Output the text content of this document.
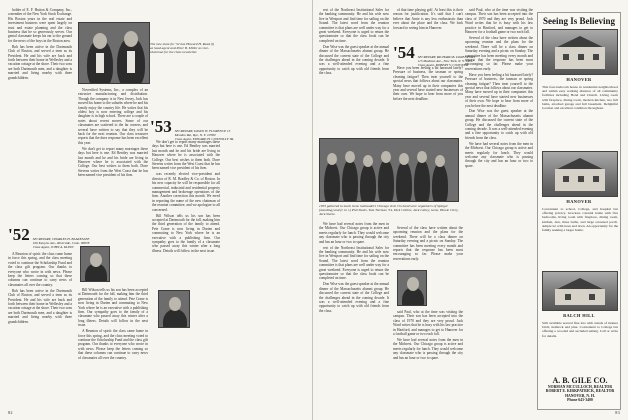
holder of E. F. Hutton & Company, Inc., a member of the New York Stock Exchange. His Boston years in the real estate and investment business were spent largely on trust and estate planning and the class business that he so generously serves. Our genial classmate keeps his ear to the ground for the news of the boys in the Boston area.

Bob has been active in the Dartmouth Club of Boston, and served a term as its President. He and his wife are back and forth between their home in Wellesley and a vacation cottage at the shore. Their two sons are both Dartmouth men, and a daughter is married and living nearby with three grandchildren.

'52 SECRETARY, CHARLES H. BLAKESLEE 106 Kenyon Ave., Riverside, Conn. 06878
Class Agent, JOHN A. KLEIN

A Reunion of spirit: the class came home in force this spring, and the class meeting voted to continue the Scholarship Fund and the class gift program. Our thanks to everyone who wrote in with news. Please keep the letters coming so that these columns can continue to carry news of classmates all over the country.

Bob has been active in the Dartmouth Club of Boston, and served a term as its President. He and his wife are back and forth between their home in Wellesley and a vacation cottage at the shore. Their two sons are both Dartmouth men, and a daughter is married and living nearby with three grandchildren.

The new team for '52 has Howard H. Read (l) as head agent and Peter B. Miller as vice-chairman for the class newsletter.

Noverified Systems, Inc., a complex of an extrusive manufacturing and distribution. Though the company is in New Jersey, Jack has moved his home to the suburbs where he and his family enjoy the country life. He writes that his oldest boy is now entering college and his daughter is in high school. There are a couple of notes about recent moves. Some of our classmates are scattered to the far corners, and several have written to say that they will be back for the next reunion. Our class treasurer reports that the dues response has been excellent this year.

We don't get to report many marriages these days but here is one. Ed Bentley was married last month and he and his bride are living in Hanover where he is associated with the College. Our best wishes to them both. Dave Stevens writes from the West Coast that he has been named vice president of his firm.

'53 SECRETARY, DAVID W. FLORENCE 15 Mendon Rd., Rye, N. Y. 10580
Class Agent, EDWARD H. CONNOLLY JR.

We don't get to report many marriages these days but here is one. Ed Bentley was married last month and he and his bride are living in Hanover where he is associated with the College. Our best wishes to them both. Dave Stevens writes from the West Coast that he has been named vice president of his firm.

was recently elected vice-president and director of R. M. Bradley & Co. of Boston. In his new capacity he will be responsible for all commercial, industrial and residential property management and brokerage operations of the firm. Another correction this month. We erred in reporting the name of the new chairman of the reunion committee, and we apologize to all concerned.

Bill Wilson tells us his son has been accepted at Dartmouth for the fall, making him the third generation of the family to attend. Pete Crane is now living in Darien and commuting to New York where he is an executive with a publishing firm. Our sympathy goes to the family of a classmate who passed away this winter after a long illness. Details will follow in the next issue.

Bill Wilson tells us his son has been accepted at Dartmouth for the fall, making him the third generation of the family to attend. Pete Crane is now living in Darien and commuting to New York where he is an executive with a publishing firm. Our sympathy goes to the family of a classmate who passed away this winter after a long illness. Details will follow in the next issue.

A Reunion of spirit: the class came home in force this spring, and the class meeting voted to continue the Scholarship Fund and the class gift program. Our thanks to everyone who wrote in with news. Please keep the letters coming so that these columns can continue to carry news of classmates all over the country.

82

rest of the Northeast Institutional Sales for the banking community. He and his wife now live in Westport and find time for sailing on the Sound. The latest word from the reunion committee is that plans are well under way for a great weekend. Everyone is urged to return the questionnaire so that the class book can be completed on time.

Don Wise was the guest speaker at the annual dinner of the Massachusetts alumni group. He discussed the current state of the College and the challenges ahead in the coming decade. It was a well-attended evening and a fine opportunity to catch up with old friends from the class.

1953 gathered to mark Gene Gallaudet's Chicago visit. On hand were organizers of Spiegel (standing) and (l. to r.) Phil Davis, Tom Tierman '54, Dick Collins, Jack Cahey, Gene, Howie Clery, Jack Steele.

We have had several notes from the men in the Midwest. Our Chicago group is active and meets regularly for lunch. They would welcome any classmate who is passing through the city and has an hour or two to spare.

rest of the Northeast Institutional Sales for the banking community. He and his wife now live in Westport and find time for sailing on the Sound. The latest word from the reunion committee is that plans are well under way for a great weekend. Everyone is urged to return the questionnaire so that the class book can be completed on time.

Don Wise was the guest speaker at the annual dinner of the Massachusetts alumni group. He discussed the current state of the College and the challenges ahead in the coming decade. It was a well-attended evening and a fine opportunity to catch up with old friends from the class.

of that time playing golf. At least this is their reason for justification. It's said that I can't believe that Arnie is any less enthusiastic than ever about the place and the class. We look forward to seeing him in Hanover.

'54 SECRETARY, RICHARD B. DAVENPORT 115 Madison Ave., New York, N. Y. 10017
Class Agent, ROBERT V. CONOVER

Have you been feeling a bit harassed lately? Pressure of business, the taxman or spring cleaning fatigue? Then treat yourself to the special news that follows about our classmates. Many have moved up in their companies this year and several have started new businesses of their own. We hope to hear from more of you before the next deadline.

said Paul, who at the time was visiting the campus. Their son has been accepted into the class of 1970 and they are very proud. Jack Ward writes that he is busy with his law practice in Hartford, and manages to get to Hanover for a football game or two each fall.

Several of the class have written about the upcoming reunion and the plans for the weekend. There will be a class dinner on Saturday evening and a picnic on Sunday. The committee has been meeting every month and reports that the response has been most encouraging so far. Please make your reservations early.

Have you been feeling a bit harassed lately? Pressure of business, the taxman or spring cleaning fatigue? Then treat yourself to the special news that follows about our classmates. Many have moved up in their companies this year and several have started new businesses of their own. We hope to hear from more of you before the next deadline.

Don Wise was the guest speaker at the annual dinner of the Massachusetts alumni group. He discussed the current state of the College and the challenges ahead in the coming decade. It was a well-attended evening and a fine opportunity to catch up with old friends from the class.

We have had several notes from the men in the Midwest. Our Chicago group is active and meets regularly for lunch. They would welcome any classmate who is passing through the city and has an hour or two to spare.

Several of the class have written about the upcoming reunion and the plans for the weekend. There will be a class dinner on Saturday evening and a picnic on Sunday. The committee has been meeting every month and reports that the response has been most encouraging so far. Please make your reservations early.

said Paul, who at the time was visiting the campus. Their son has been accepted into the class of 1970 and they are very proud. Jack Ward writes that he is busy with his law practice in Hartford, and manages to get to Hanover for a football game or two each fall.

We have had several notes from the men in the Midwest. Our Chicago group is active and meets regularly for lunch. They would welcome any classmate who is passing through the city and has an hour or two to spare.

Seeing Is Believing
HANOVER
This four-bedroom house in residential neighborhood and within easy walking distance of all community facilities including Hotel and Church. Living room with fireplace, dining room, modern kitchen, two full baths, attached garage and full basement. Delightful location and excellent condition throughout.
HANOVER
Convenient to school, College, and hospital but offering privacy. Gracious colonial home with five bedrooms, living room with fireplace, dining room, kitchen, den, three baths, and large screened porch. Ample lot with trees and lawn. An opportunity for the family seeking a larger home.
BALCH HILL
Still available several fine lots with stands of mature birch, hemlock and pine. Convenient to College but offering a wooded and secluded setting. Call or write for details.
A. B. GILE CO.
NORMAN MCCULLOCH, REALTOR
ROBERT E. KIRKPATRICK, REALTOR
HANOVER, N. H.
Phone 643-3400
83
